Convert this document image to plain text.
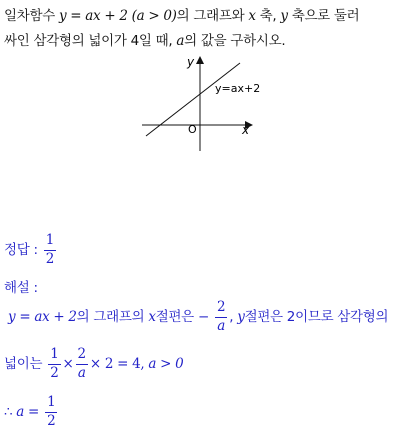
일차함수 y = ax + 2 (a > 0)의 그래프와 x 축, y 축으로 둘러
싸인 삼각형의 넓이가 4일 때, a의 값을 구하시오.
y
x
O
y=ax+2
정답 : $\frac{1}{2}$
해설 :
y = ax + 2의 그래프의 x절편은 − $\frac{2}{a}$ , y절편은 2이므로 삼각형의
넓이는 $\frac{1}{2} \times \frac{2}{a} \times 2 = 4$, a > 0
∴ $a = \frac{1}{2}$
